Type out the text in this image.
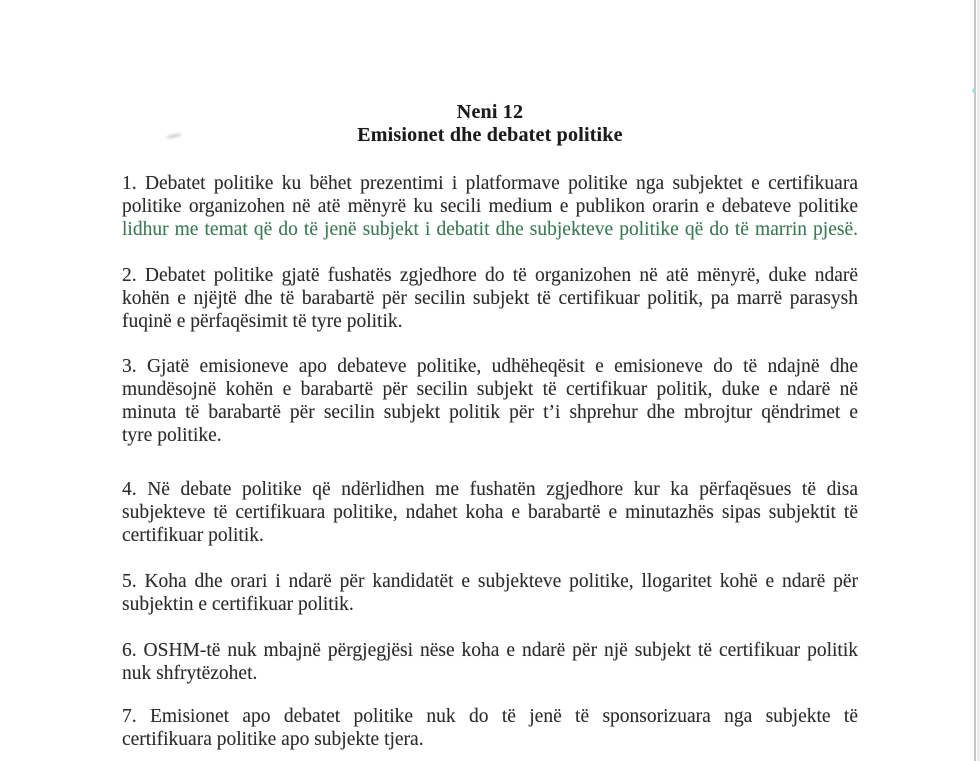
Neni 12
Emisionet dhe debatet politike
1. Debatet politike ku bëhet prezentimi i platformave politike nga subjektet e certifikuara
politike organizohen në atë mënyrë ku secili medium e publikon orarin e debateve politike
lidhur me temat që do të jenë subjekt i debatit dhe subjekteve politike që do të marrin pjesë.
2. Debatet politike gjatë fushatës zgjedhore do të organizohen në atë mënyrë, duke ndarë
kohën e njëjtë dhe të barabartë për secilin subjekt të certifikuar politik, pa marrë parasysh
fuqinë e përfaqësimit të tyre politik.
3. Gjatë emisioneve apo debateve politike, udhëheqësit e emisioneve do të ndajnë dhe
mundësojnë kohën e barabartë për secilin subjekt të certifikuar politik, duke e ndarë në
minuta të barabartë për secilin subjekt politik për t’i shprehur dhe mbrojtur qëndrimet e
tyre politike.
4. Në debate politike që ndërlidhen me fushatën zgjedhore kur ka përfaqësues të disa
subjekteve të certifikuara politike, ndahet koha e barabartë e minutazhës sipas subjektit të
certifikuar politik.
5. Koha dhe orari i ndarë për kandidatët e subjekteve politike, llogaritet kohë e ndarë për
subjektin e certifikuar politik.
6. OSHM-të nuk mbajnë përgjegjësi nëse koha e ndarë për një subjekt të certifikuar politik
nuk shfrytëzohet.
7. Emisionet apo debatet politike nuk do të jenë të sponsorizuara nga subjekte të
certifikuara politike apo subjekte tjera.
